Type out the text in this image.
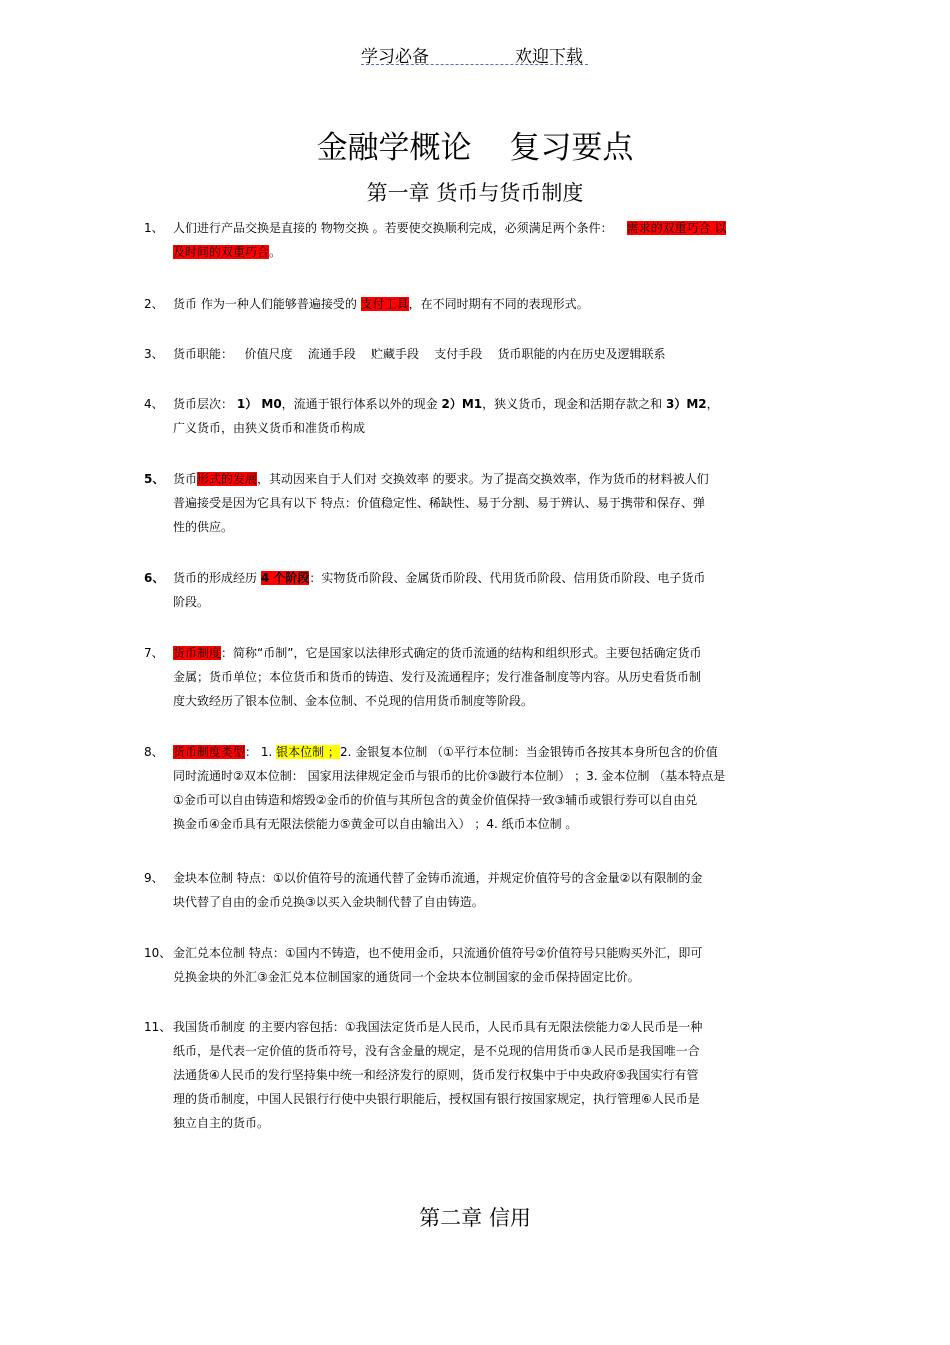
学习必备	欢迎下载
金融学概论 复习要点
第一章 货币与货币制度
1、 人们进行产品交换是直接的 物物交换 。若要使交换顺利完成，必须满足两个条件： 需求的双重巧合 以
及时间的双重巧合。
2、 货币 作为一种人们能够普遍接受的 支付工具，在不同时期有不同的表现形式。
3、 货币职能：   价值尺度    流通手段    贮藏手段    支付手段    货币职能的内在历史及逻辑联系
4、 货币层次： 1） M0，流通于银行体系以外的现金 2）M1，狭义货币，现金和活期存款之和 3）M2，
广义货币，由狭义货币和准货币构成
5、 货币形式的发展，其动因来自于人们对 交换效率 的要求。为了提高交换效率，作为货币的材料被人们
普遍接受是因为它具有以下 特点：价值稳定性、稀缺性、易于分割、易于辨认、易于携带和保存、弹
性的供应。
6、 货币的形成经历 4 个阶段：实物货币阶段、金属货币阶段、代用货币阶段、信用货币阶段、电子货币
阶段。
7、 货币制度：简称“币制”，它是国家以法律形式确定的货币流通的结构和组织形式。主要包括确定货币
金属；货币单位；本位货币和货币的铸造、发行及流通程序；发行准备制度等内容。从历史看货币制
度大致经历了银本位制、金本位制、不兑现的信用货币制度等阶段。
8、 货币制度类型： 1. 银本位制 ；2. 金银复本位制 （①平行本位制：当金银铸币各按其本身所包含的价值
同时流通时②双本位制： 国家用法律规定金币与银币的比价③跛行本位制） ；3. 金本位制 （基本特点是
①金币可以自由铸造和熔毁②金币的价值与其所包含的黄金价值保持一致③辅币或银行券可以自由兑
换金币④金币具有无限法偿能力⑤黄金可以自由输出入） ；4. 纸币本位制 。
9、 金块本位制 特点：①以价值符号的流通代替了金铸币流通，并规定价值符号的含金量②以有限制的金
块代替了自由的金币兑换③以买入金块制代替了自由铸造。
10、 金汇兑本位制 特点：①国内不铸造，也不使用金币，只流通价值符号②价值符号只能购买外汇，即可
兑换金块的外汇③金汇兑本位制国家的通货同一个金块本位制国家的金币保持固定比价。
11、 我国货币制度 的主要内容包括：①我国法定货币是人民币，人民币具有无限法偿能力②人民币是一种
纸币，是代表一定价值的货币符号，没有含金量的规定，是不兑现的信用货币③人民币是我国唯一合
法通货④人民币的发行坚持集中统一和经济发行的原则，货币发行权集中于中央政府⑤我国实行有管
理的货币制度，中国人民银行行使中央银行职能后，授权国有银行按国家规定，执行管理⑥人民币是
独立自主的货币。
第二章 信用
